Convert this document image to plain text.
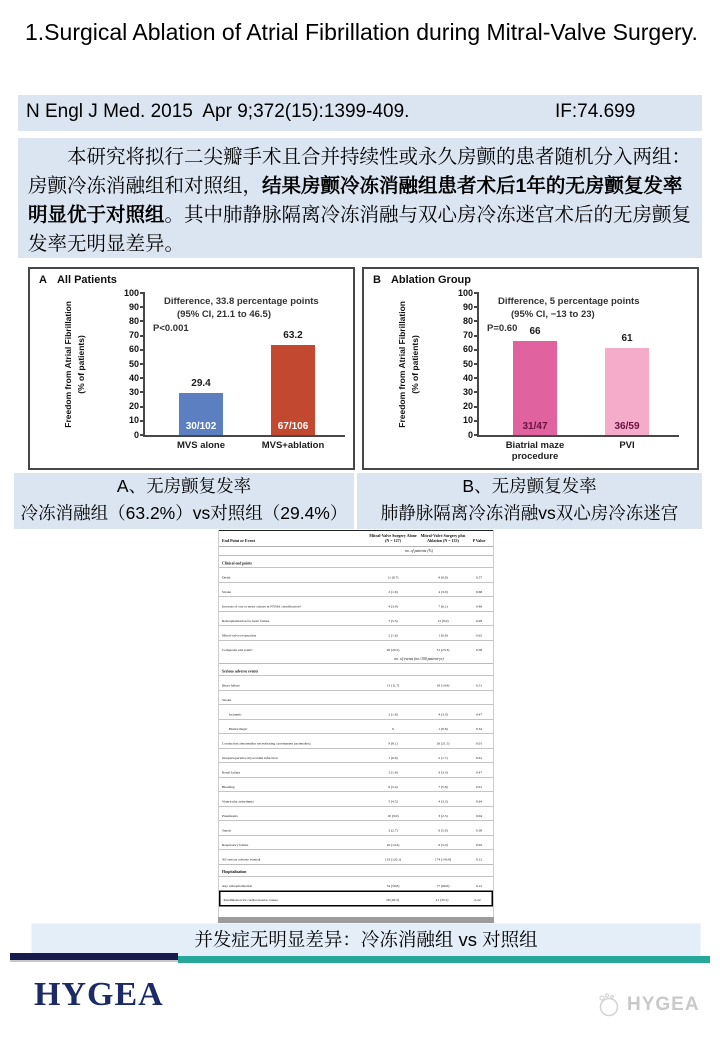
1.Surgical Ablation of Atrial Fibrillation during Mitral-Valve Surgery.
N Engl J Med. 2015  Apr 9;372(15):1399-409.	IF:74.699
本研究将拟行二尖瓣手术且合并持续性或永久房颤的患者随机分入两组：房颤冷冻消融组和对照组，结果房颤冷冻消融组患者术后1年的无房颤复发率明显优于对照组。其中肺静脉隔离冷冻消融与双心房冷冻迷宫术后的无房颤复发率无明显差异。
A All Patients
Freedom from Atrial Fibrillation (% of patients)
Difference, 33.8 percentage points
(95% CI, 21.1 to 46.5)
P<0.001
0
10
20
30
40
50
60
70
80
90
100
30/102
29.4
MVS alone
67/106
63.2
MVS+ablation
B Ablation Group
Freedom from Atrial Fibrillation (% of patients)
Difference, 5 percentage points
(95% CI, −13 to 23)
P=0.60
0
10
20
30
40
50
60
70
80
90
100
31/47
66
Biatrial maze procedure
36/59
61
PVI
A、无房颤复发率
冷冻消融组（63.2%）vs对照组（29.4%）
B、无房颤复发率
肺静脉隔离冷冻消融vs双心房冷冻迷宫
End Point or Event
Mitral-Valve Surgery Alone (N = 127)
Mitral-Valve Surgery plus Ablation (N = 133)	P Value
no. of patients (%)
Clinical end points
Death	11 (8.7)	9 (6.8)	0.57
Stroke	2 (1.6)	4 (3.0)	0.68
Increase of one or more classes in NYHA classification*	4 (3.9)	7 (6.1)	0.46
Rehospitalization for heart failure	7 (5.5)	12 (9.0)	0.28
Mitral-valve reoperation	2 (1.6)	1 (0.8)	0.62
Composite end point†	26 (20.5)	31 (23.3)	0.58
no. of events (no./100 patient-yr)
Serious adverse events
Heart failure	13 (11.7)	18 (14.9)	0.51
Stroke
Ischemic	2 (1.8)	4 (3.3)	0.47
Hemorrhagic	0	1 (0.8)	0.32
Conduction abnormality necessitating a permanent pacemaker‡	9 (8.1)	26 (21.5)	0.01
Nonperioperative myocardial infarction	1 (0.9)	2 (1.7)	0.61
Renal failure	2 (1.8)	4 (3.3)	0.47
Bleeding	6 (5.4)	7 (5.8)	0.91
Ventricular arrhythmia	5 (4.5)	4 (3.3)	0.64
Pneumonia	10 (9.0)	3 (2.5)	0.04
Sepsis	3 (2.7)	6 (5.0)	0.38
Respiratory failure	16 (14.4)	6 (5.0)	0.02
All serious adverse events§	133 (120.1)	174 (143.8)	0.12
Hospitalization
Any rehospitalization	54 (50.8)	77 (66.6)	0.12
Readmission for cardiovascular causes	28 (26.3)	41 (35.5)	0.22
并发症无明显差异：冷冻消融组 vs 对照组
HYGEA	HYGEA
